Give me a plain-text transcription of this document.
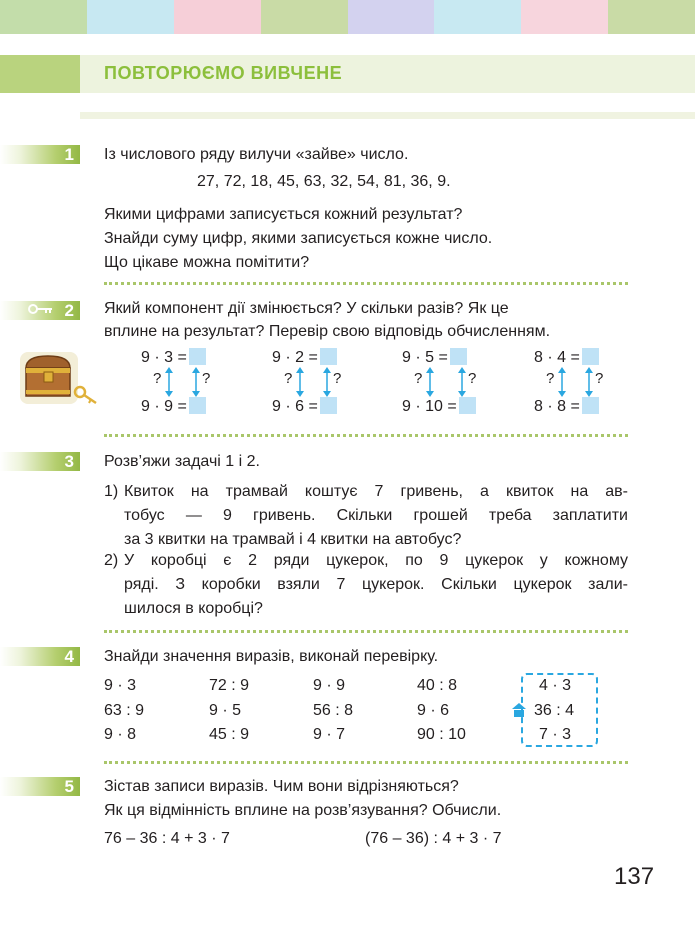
ПОВТОРЮЄМО ВИВЧЕНЕ
1	Із числового ряду вилучи «зайве» число.
27, 72, 18, 45, 63, 32, 54, 81, 36, 9.
Якими цифрами записується кожний результат?
Знайди суму цифр, якими записується кожне число.
Що цікаве можна помітити?
2	Який компонент дії змінюється? У скільки разів? Як це
вплине на результат? Перевір свою відповідь обчисленням.
9 · 3 =
9 · 9 =
?	?
9 · 2 =
9 · 6 =
?	?
9 · 5 =
9 · 10 =
?	?
8 · 4 =
8 · 8 =
?	?
3	Розв’яжи задачі 1 і 2.
1) Квиток на трамвай коштує 7 гривень, а квиток на ав-
тобус — 9 гривень. Скільки грошей треба заплатити
за 3 квитки на трамвай і 4 квитки на автобус?
2) У коробці є 2 ряди цукерок, по 9 цукерок у кожному
ряді. З коробки взяли 7 цукерок. Скільки цукерок зали-
шилося в коробці?
4	Знайди значення виразів, виконай перевірку.
9 · 3	72 : 9	9 · 9	40 : 8	4 · 3
63 : 9	9 · 5	56 : 8	9 · 6	36 : 4
9 · 8	45 : 9	9 · 7	90 : 10	7 · 3
5	Зістав записи виразів. Чим вони відрізняються?
Як ця відмінність вплине на розв’язування? Обчисли.
76 – 36 : 4 + 3 · 7	(76 – 36) : 4 + 3 · 7
137
